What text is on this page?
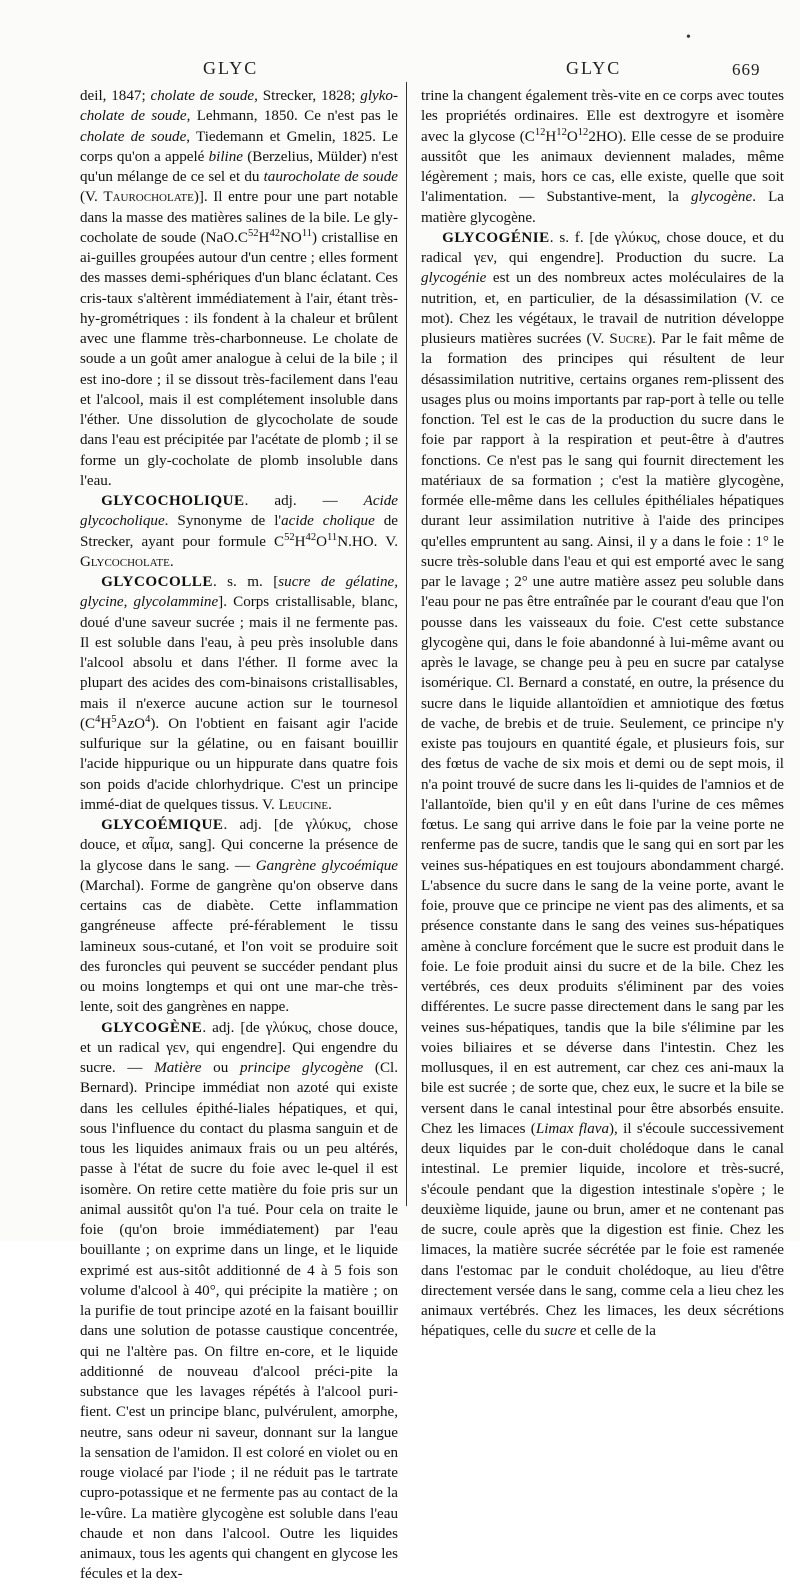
•
GLYC	GLYC	669

deil, 1847; cholate de soude, Strecker, 1828; glyko-cholate de soude, Lehmann, 1850. Ce n'est pas le cholate de soude, Tiedemann et Gmelin, 1825. Le corps qu'on a appelé biline (Berzelius, Mülder) n'est qu'un mélange de ce sel et du taurocholate de soude (V. Taurocholate)]. Il entre pour une part notable dans la masse des matières salines de la bile. Le gly-cocholate de soude $(NaO.C^{52}H^{42}NO^{11})$ cristallise en ai-guilles groupées autour d'un centre ; elles forment des masses demi-sphériques d'un blanc éclatant. Ces cris-taux s'altèrent immédiatement à l'air, étant très-hy-grométriques : ils fondent à la chaleur et brûlent avec une flamme très-charbonneuse. Le cholate de soude a un goût amer analogue à celui de la bile ; il est ino-dore ; il se dissout très-facilement dans l'eau et l'alcool, mais il est complétement insoluble dans l'éther. Une dissolution de glycocholate de soude dans l'eau est précipitée par l'acétate de plomb ; il se forme un gly-cocholate de plomb insoluble dans l'eau.

GLYCOCHOLIQUE. adj. — Acide glycocholique. Synonyme de l'acide cholique de Strecker, ayant pour formule $C^{52}H^{42}O^{11}N.HO$. V. Glycocholate.

GLYCOCOLLE. s. m. [sucre de gélatine, glycine, glycolammine]. Corps cristallisable, blanc, doué d'une saveur sucrée ; mais il ne fermente pas. Il est soluble dans l'eau, à peu près insoluble dans l'alcool absolu et dans l'éther. Il forme avec la plupart des acides des com-binaisons cristallisables, mais il n'exerce aucune action sur le tournesol $(C^4H^5AzO^4)$. On l'obtient en faisant agir l'acide sulfurique sur la gélatine, ou en faisant bouillir l'acide hippurique ou un hippurate dans quatre fois son poids d'acide chlorhydrique. C'est un principe immé-diat de quelques tissus. V. Leucine.

GLYCOÉMIQUE. adj. [de γλύκυς, chose douce, et αἷμα, sang]. Qui concerne la présence de la glycose dans le sang. — Gangrène glycoémique (Marchal). Forme de gangrène qu'on observe dans certains cas de diabète. Cette inflammation gangréneuse affecte pré-férablement le tissu lamineux sous-cutané, et l'on voit se produire soit des furoncles qui peuvent se succéder pendant plus ou moins longtemps et qui ont une mar-che très-lente, soit des gangrènes en nappe.

GLYCOGÈNE. adj. [de γλύκυς, chose douce, et un radical γεν, qui engendre]. Qui engendre du sucre. — Matière ou principe glycogène (Cl. Bernard). Principe immédiat non azoté qui existe dans les cellules épithé-liales hépatiques, et qui, sous l'influence du contact du plasma sanguin et de tous les liquides animaux frais ou un peu altérés, passe à l'état de sucre du foie avec le-quel il est isomère. On retire cette matière du foie pris sur un animal aussitôt qu'on l'a tué. Pour cela on traite le foie (qu'on broie immédiatement) par l'eau bouillante ; on exprime dans un linge, et le liquide exprimé est aus-sitôt additionné de 4 à 5 fois son volume d'alcool à 40°, qui précipite la matière ; on la purifie de tout principe azoté en la faisant bouillir dans une solution de potasse caustique concentrée, qui ne l'altère pas. On filtre en-core, et le liquide additionné de nouveau d'alcool préci-pite la substance que les lavages répétés à l'alcool puri-fient. C'est un principe blanc, pulvérulent, amorphe, neutre, sans odeur ni saveur, donnant sur la langue la sensation de l'amidon. Il est coloré en violet ou en rouge violacé par l'iode ; il ne réduit pas le tartrate cupro-potassique et ne fermente pas au contact de la le-vûre. La matière glycogène est soluble dans l'eau chaude et non dans l'alcool. Outre les liquides animaux, tous les agents qui changent en glycose les fécules et la dex-

trine la changent également très-vite en ce corps avec toutes les propriétés ordinaires. Elle est dextrogyre et isomère avec la glycose $(C^{12}H^{12}O^{12}2HO)$. Elle cesse de se produire aussitôt que les animaux deviennent malades, même légèrement ; mais, hors ce cas, elle existe, quelle que soit l'alimentation. — Substantive-ment, la glycogène. La matière glycogène.

GLYCOGÉNIE. s. f. [de γλύκυς, chose douce, et du radical γεν, qui engendre]. Production du sucre. La glycogénie est un des nombreux actes moléculaires de la nutrition, et, en particulier, de la désassimilation (V. ce mot). Chez les végétaux, le travail de nutrition développe plusieurs matières sucrées (V. Sucre). Par le fait même de la formation des principes qui résultent de leur désassimilation nutritive, certains organes rem-plissent des usages plus ou moins importants par rap-port à telle ou telle fonction. Tel est le cas de la production du sucre dans le foie par rapport à la respiration et peut-être à d'autres fonctions. Ce n'est pas le sang qui fournit directement les matériaux de sa formation ; c'est la matière glycogène, formée elle-même dans les cellules épithéliales hépatiques durant leur assimilation nutritive à l'aide des principes qu'elles empruntent au sang. Ainsi, il y a dans le foie : 1° le sucre très-soluble dans l'eau et qui est emporté avec le sang par le lavage ; 2° une autre matière assez peu soluble dans l'eau pour ne pas être entraînée par le courant d'eau que l'on pousse dans les vaisseaux du foie. C'est cette substance glycogène qui, dans le foie abandonné à lui-même avant ou après le lavage, se change peu à peu en sucre par catalyse isomérique. Cl. Bernard a constaté, en outre, la présence du sucre dans le liquide allantoïdien et amniotique des fœtus de vache, de brebis et de truie. Seulement, ce principe n'y existe pas toujours en quantité égale, et plusieurs fois, sur des fœtus de vache de six mois et demi ou de sept mois, il n'a point trouvé de sucre dans les li-quides de l'amnios et de l'allantoïde, bien qu'il y en eût dans l'urine de ces mêmes fœtus. Le sang qui arrive dans le foie par la veine porte ne renferme pas de sucre, tandis que le sang qui en sort par les veines sus-hépatiques en est toujours abondamment chargé. L'absence du sucre dans le sang de la veine porte, avant le foie, prouve que ce principe ne vient pas des aliments, et sa présence constante dans le sang des veines sus-hépatiques amène à conclure forcément que le sucre est produit dans le foie. Le foie produit ainsi du sucre et de la bile. Chez les vertébrés, ces deux produits s'éliminent par des voies différentes. Le sucre passe directement dans le sang par les veines sus-hépatiques, tandis que la bile s'élimine par les voies biliaires et se déverse dans l'intestin. Chez les mollusques, il en est autrement, car chez ces ani-maux la bile est sucrée ; de sorte que, chez eux, le sucre et la bile se versent dans le canal intestinal pour être absorbés ensuite. Chez les limaces (Limax flava), il s'écoule successivement deux liquides par le con-duit cholédoque dans le canal intestinal. Le premier liquide, incolore et très-sucré, s'écoule pendant que la digestion intestinale s'opère ; le deuxième liquide, jaune ou brun, amer et ne contenant pas de sucre, coule après que la digestion est finie. Chez les limaces, la matière sucrée sécrétée par le foie est ramenée dans l'estomac par le conduit cholédoque, au lieu d'être directement versée dans le sang, comme cela a lieu chez les animaux vertébrés. Chez les limaces, les deux sécrétions hépatiques, celle du sucre et celle de la
